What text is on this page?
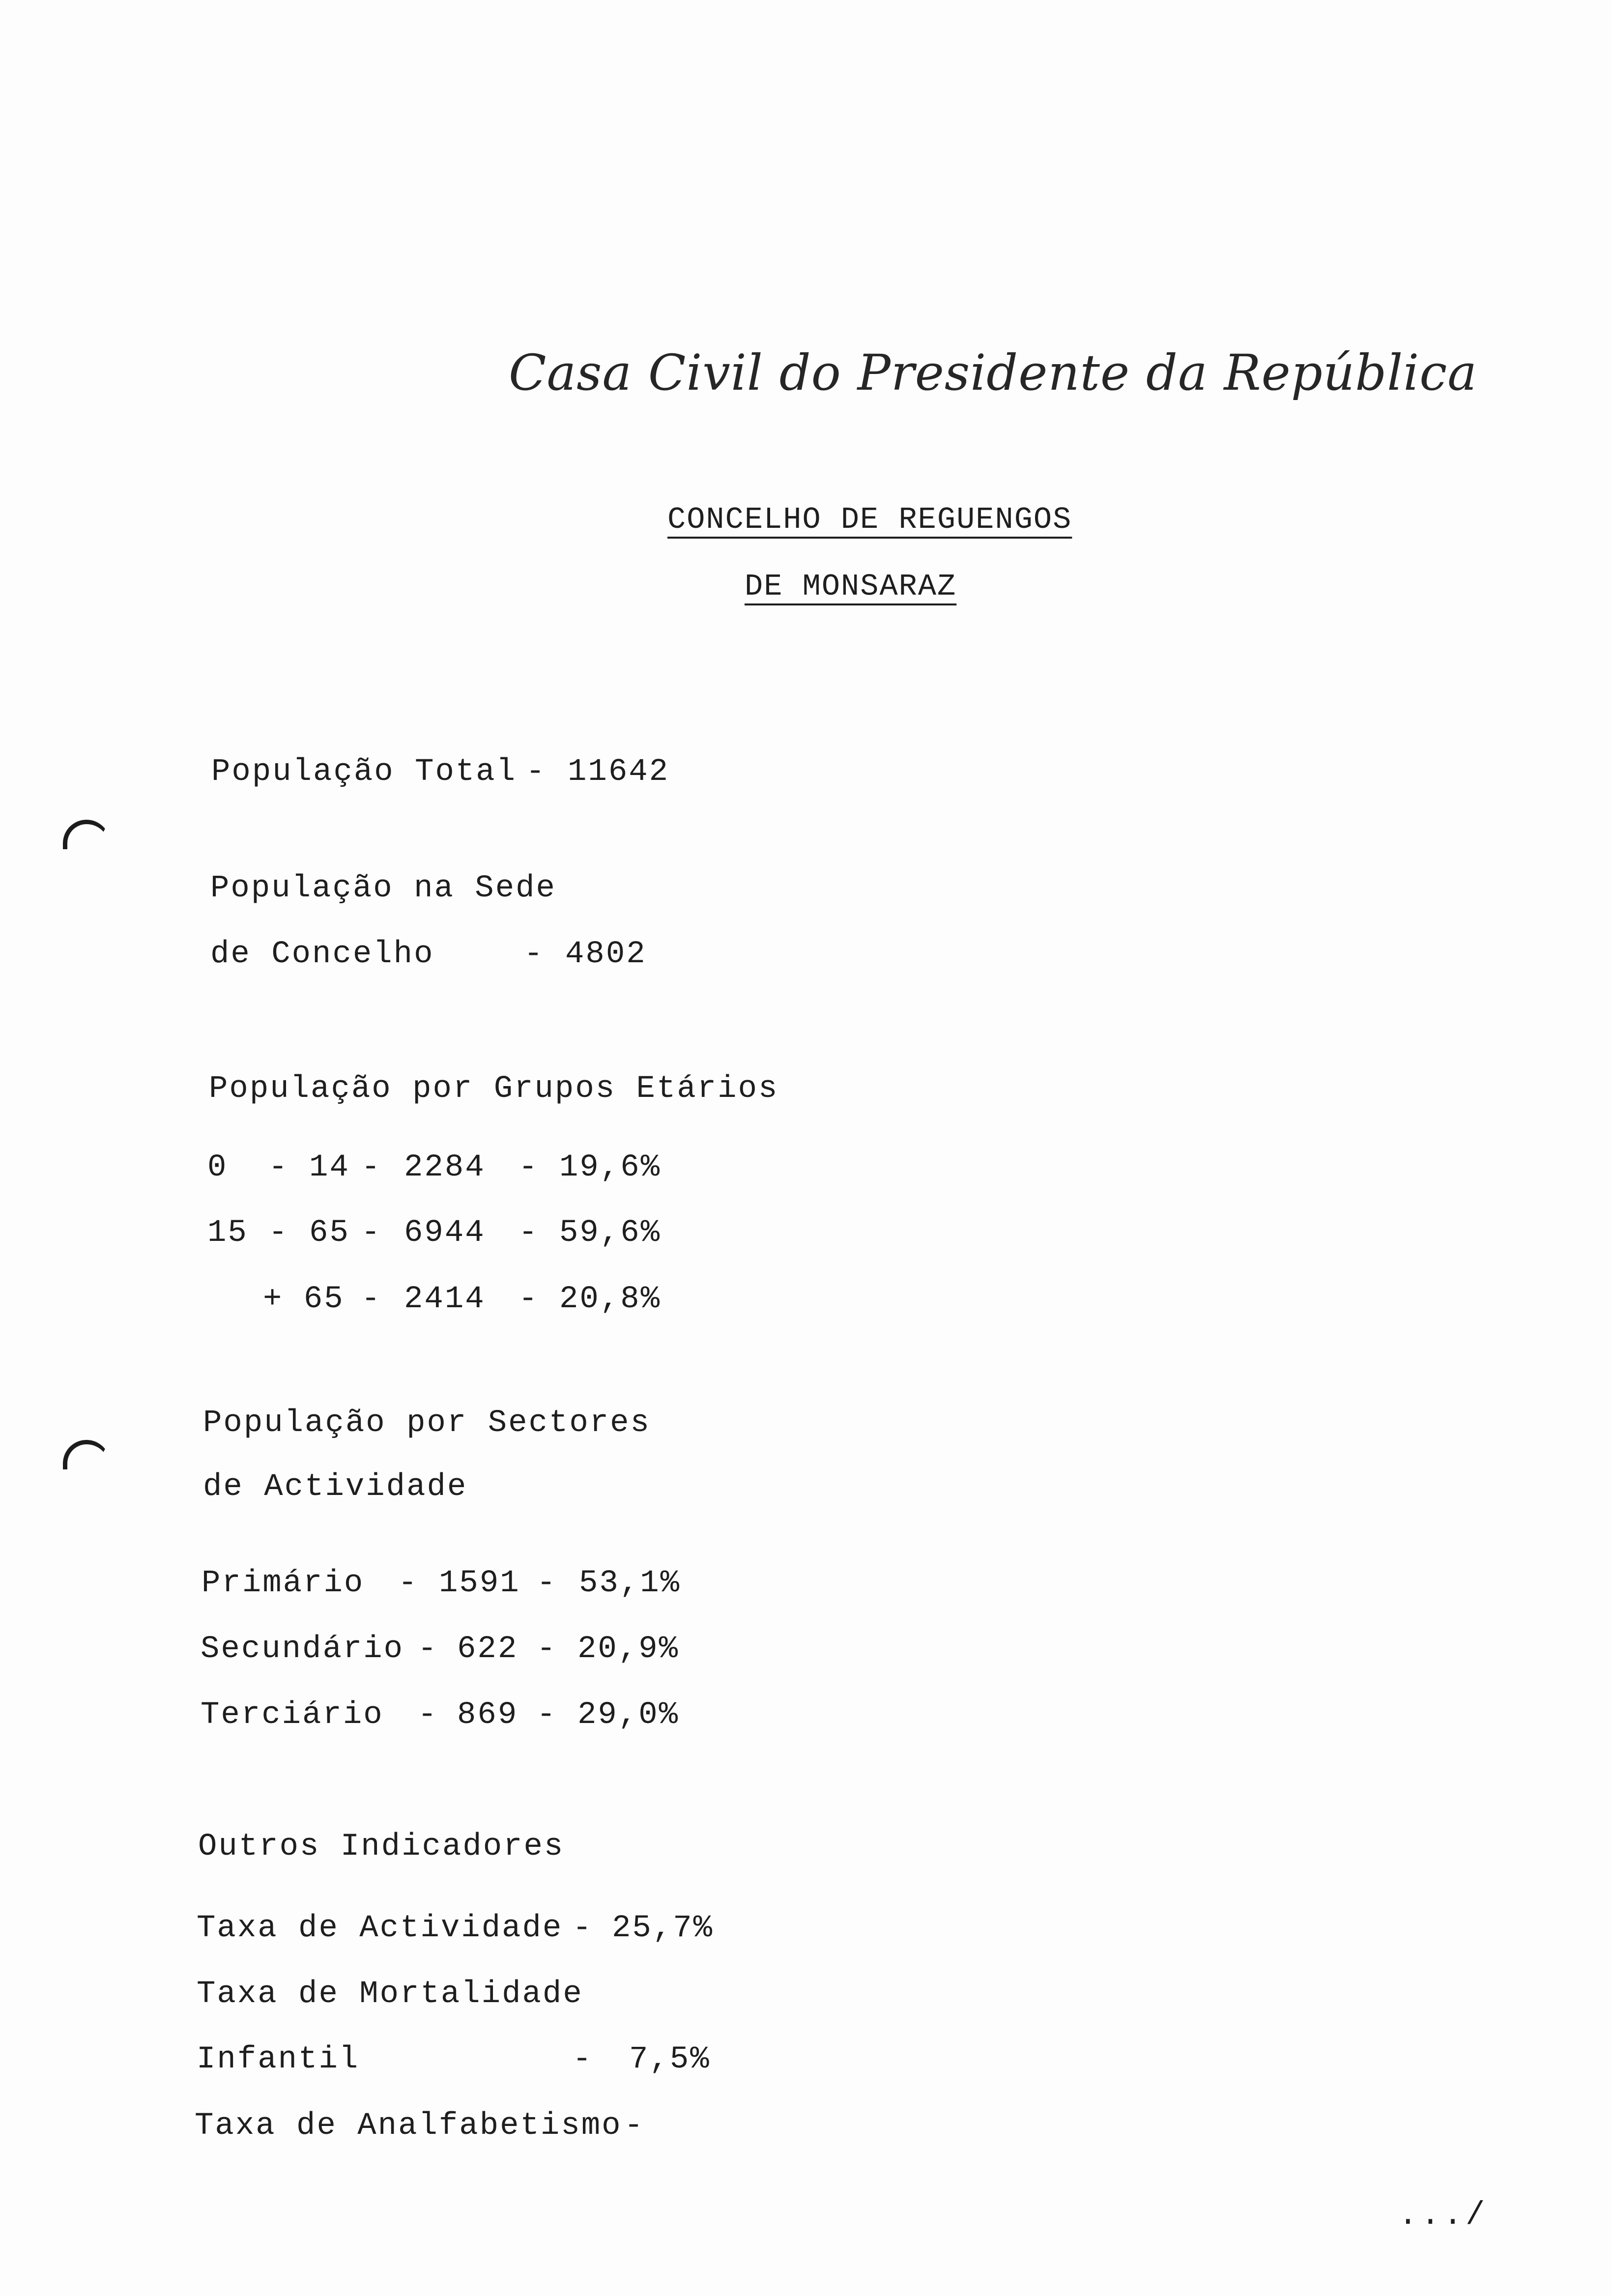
Casa Civil do Presidente da República
CONCELHO DE REGUENGOS
DE MONSARAZ
População Total - 11642
População na Sede
de Concelho	- 4802
População por Grupos Etários
0  - 14 - 2284 - 19,6%
15 - 65 - 6944 - 59,6%
+ 65 - 2414 - 20,8%
População por Sectores
de Actividade
Primário - 1591 - 53,1%
Secundário - 622 - 20,9%
Terciário - 869 - 29,0%
Outros Indicadores
Taxa de Actividade - 25,7%
Taxa de Mortalidade
Infantil	- 7,5%
Taxa de Analfabetismo -
.../
